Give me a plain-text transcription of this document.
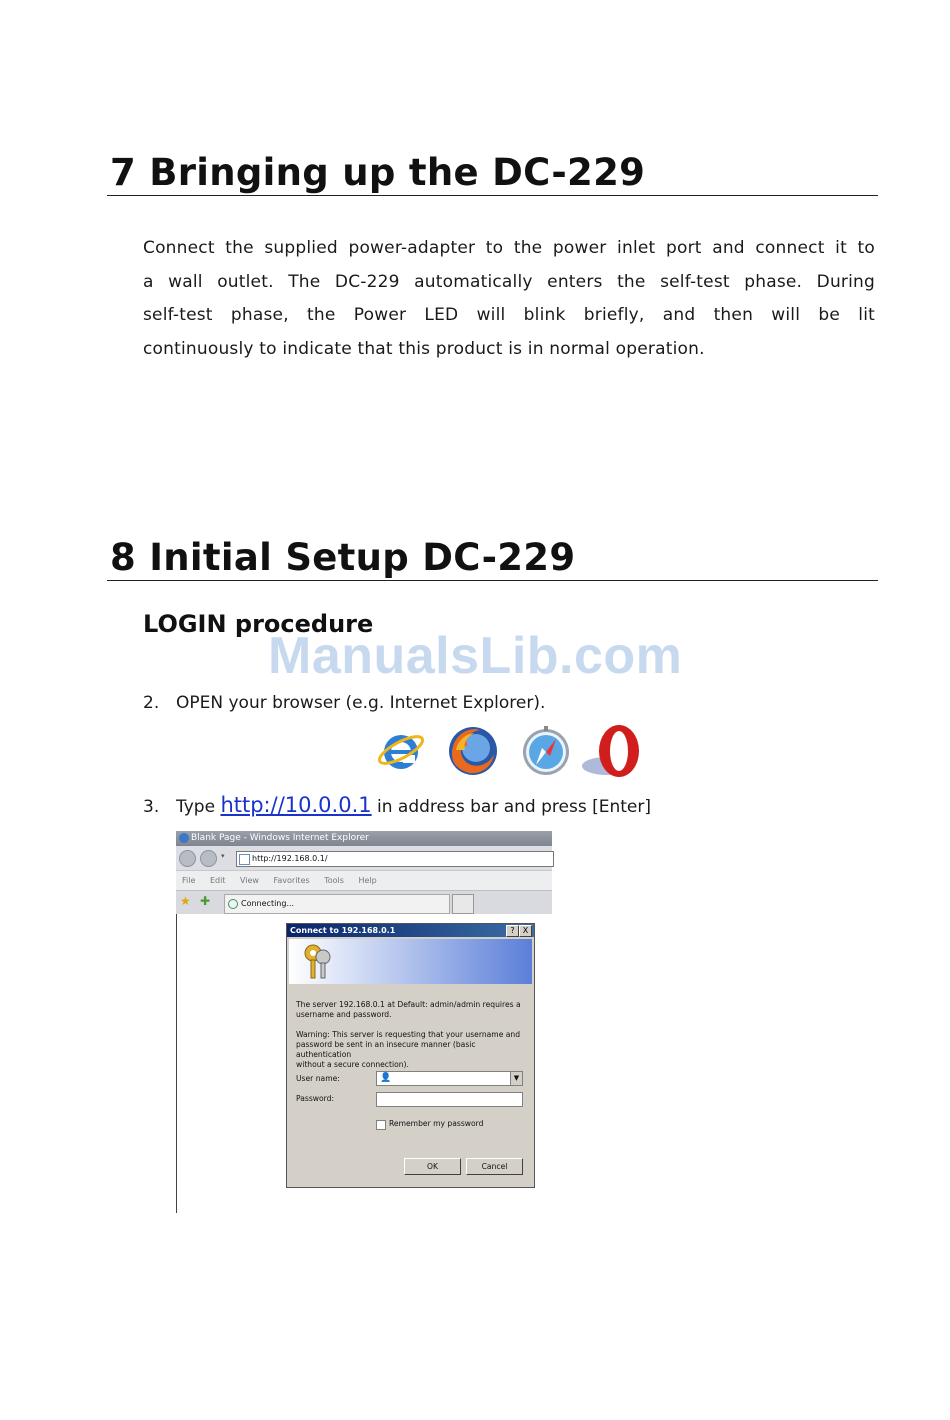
7 Bringing up the DC-229
Connect the supplied power-adapter to the power inlet port and connect it to
a wall outlet. The DC-229 automatically enters the self-test phase. During
self-test phase, the Power LED will blink briefly, and then will be lit
continuously to indicate that this product is in normal operation.
8 Initial Setup DC-229
LOGIN procedure
ManualsLib.com
2. OPEN your browser (e.g. Internet Explorer).
3. Type http://10.0.0.1 in address bar and press [Enter]
Blank Page - Windows Internet Explorer
▾	http://192.168.0.1/
File Edit View Favorites Tools Help
★ ✚	Connecting...
Connect to 192.168.0.1	?	X
The server 192.168.0.1 at Default: admin/admin requires a
username and password.
Warning: This server is requesting that your username and
password be sent in an insecure manner (basic authentication
without a secure connection).
User name:	👤	▼
Password:
Remember my password
OK	Cancel
